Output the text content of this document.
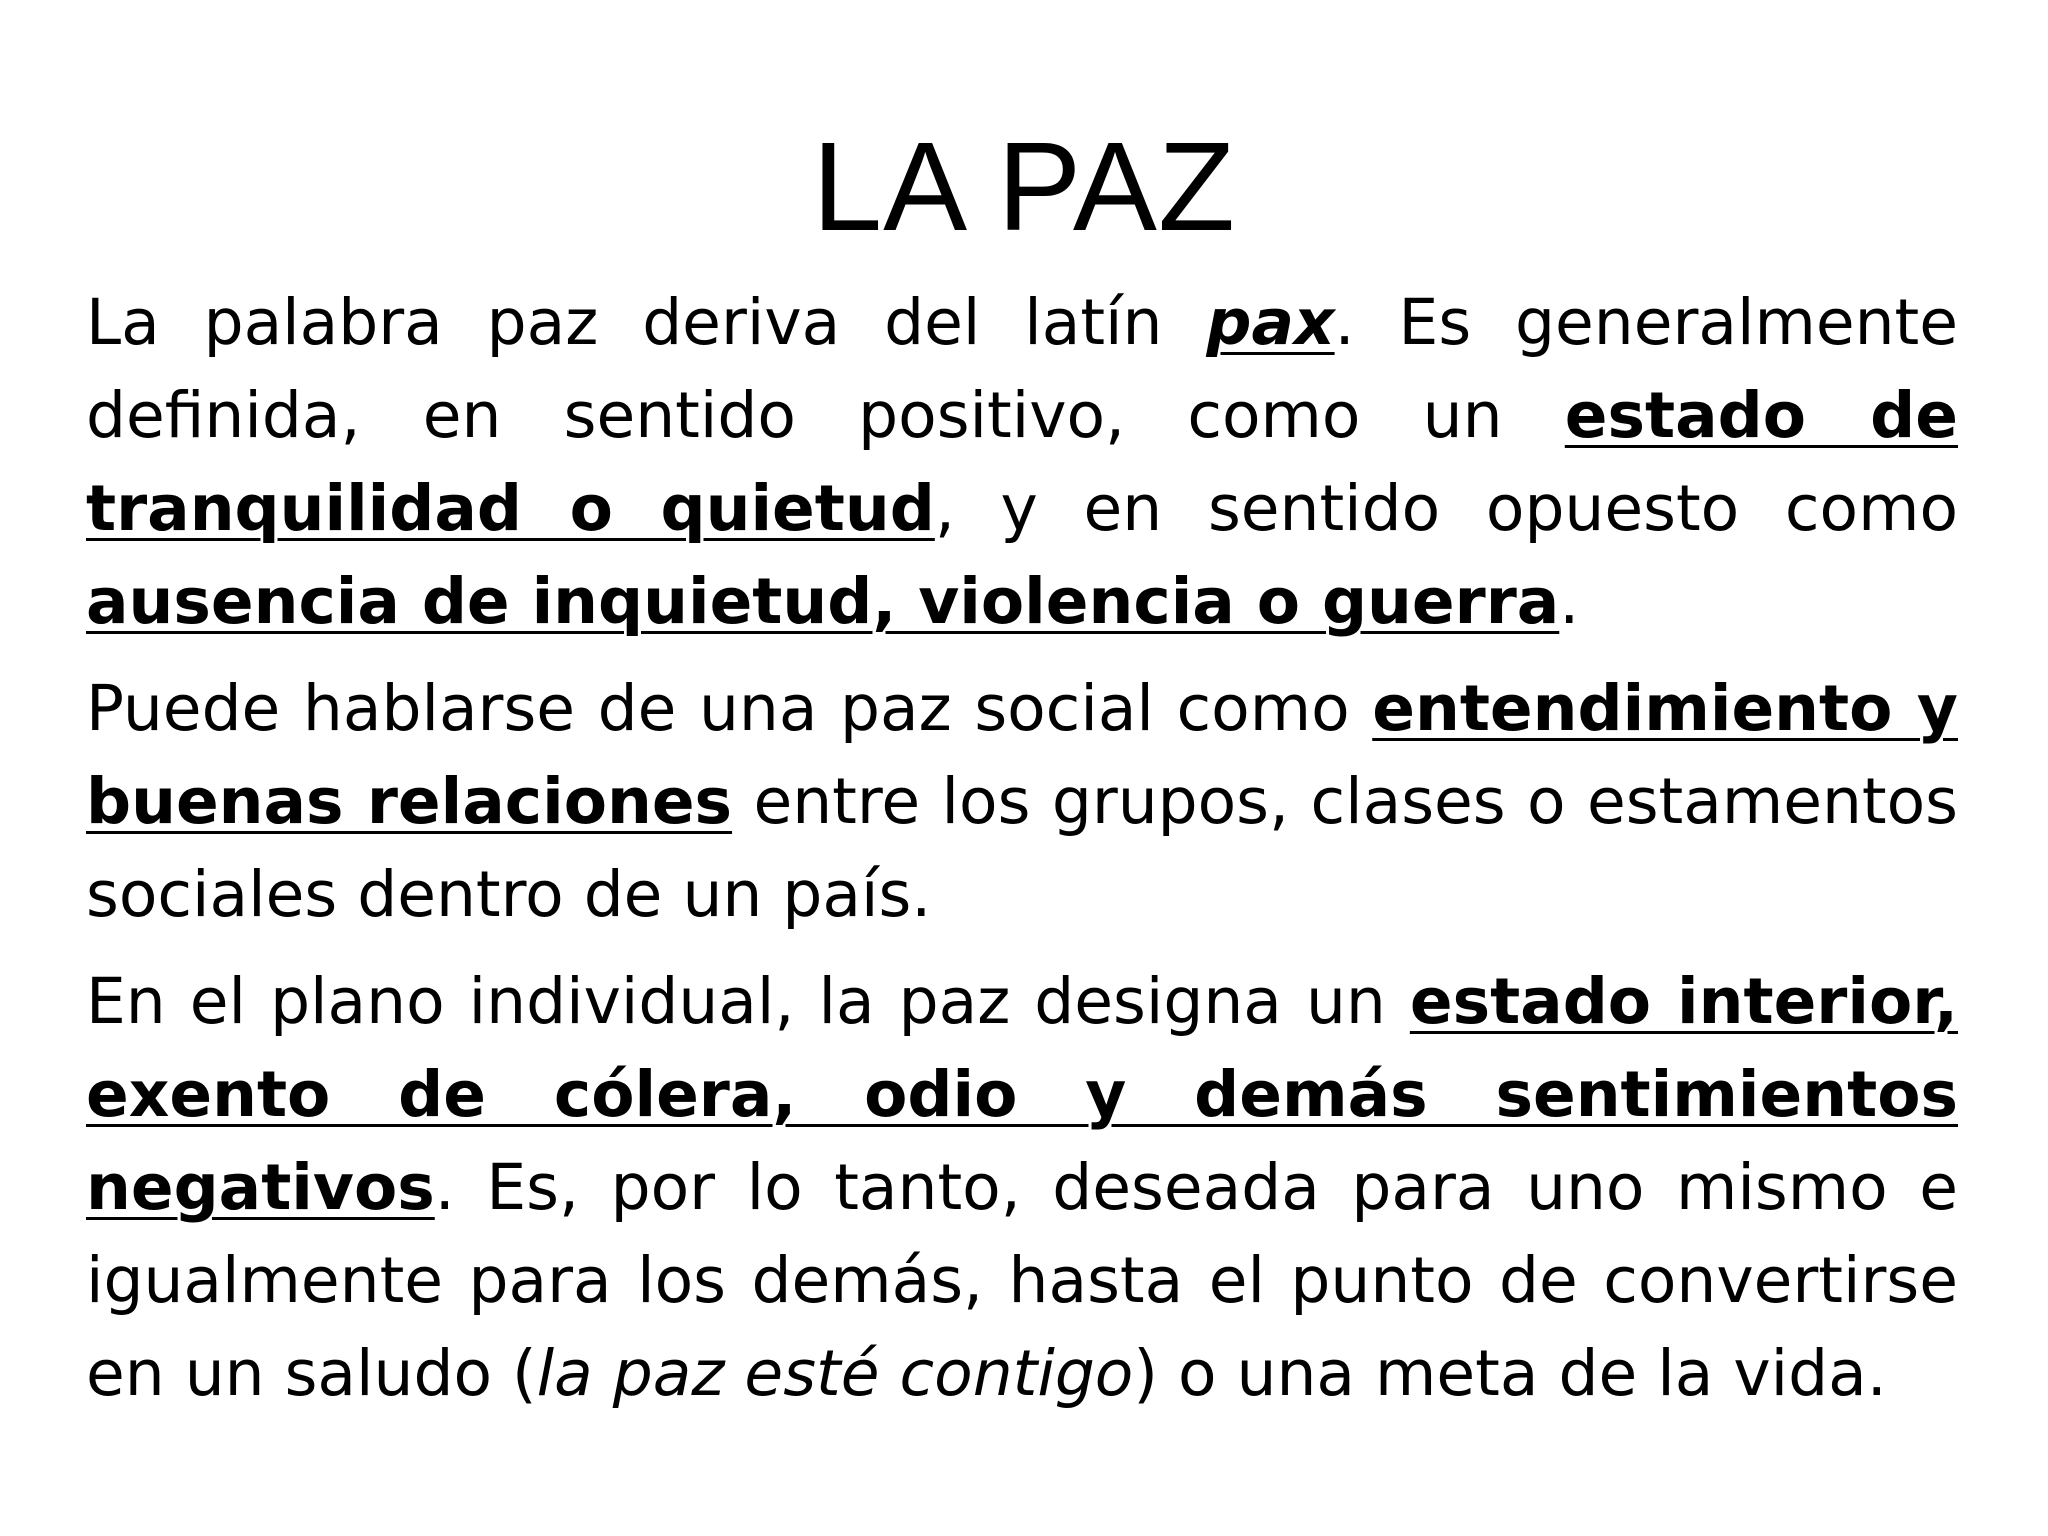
LA PAZ

La palabra paz deriva del latín pax. Es generalmente definida, en sentido positivo, como un estado de tranquilidad o quietud, y en sentido opuesto como ausencia de inquietud, violencia o guerra.

Puede hablarse de una paz social como entendimiento y buenas relaciones entre los grupos, clases o estamentos sociales dentro de un país.

En el plano individual, la paz designa un estado interior, exento de cólera, odio y demás sentimientos negativos. Es, por lo tanto, deseada para uno mismo e igualmente para los demás, hasta el punto de convertirse en un saludo (la paz esté contigo) o una meta de la vida.
